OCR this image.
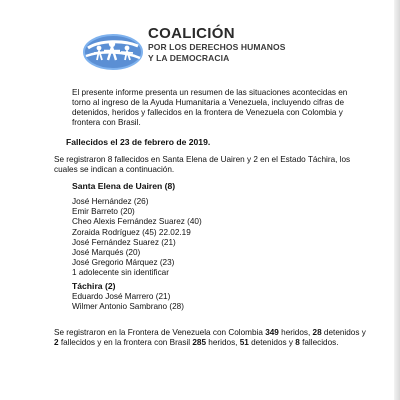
COALICIÓN
POR LOS DERECHOS HUMANOS
Y LA DEMOCRACIA

El presente informe presenta un resumen de las situaciones acontecidas en torno al ingreso de la Ayuda Humanitaria a Venezuela, incluyendo cifras de detenidos, heridos y fallecidos en la frontera de Venezuela con Colombia y frontera con Brasil.

Fallecidos el 23 de febrero de 2019.

Se registraron 8 fallecidos en Santa Elena de Uairen y 2 en el Estado Táchira, los cuales se indican a continuación.

Santa Elena de Uairen (8)
José Hernández (26)
Emir Barreto (20)
Cheo Alexis Fernández Suarez (40)
Zoraida Rodríguez (45) 22.02.19
José Fernández Suarez (21)
José Marqués (20)
José Gregorio Márquez (23)
1 adolecente sin identificar
Táchira (2)
Eduardo José Marrero (21)
Wilmer Antonio Sambrano (28)

Se registraron en la Frontera de Venezuela con Colombia 349 heridos, 28 detenidos y 2 fallecidos y en la frontera con Brasil 285 heridos, 51 detenidos y 8 fallecidos.
